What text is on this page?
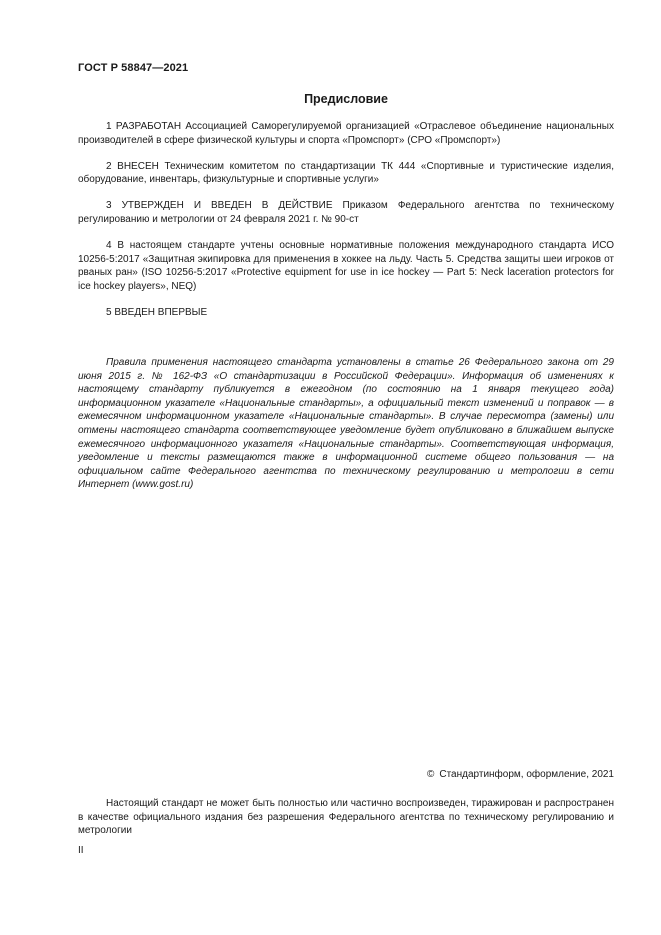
ГОСТ Р 58847—2021
Предисловие

1 РАЗРАБОТАН Ассоциацией Саморегулируемой организацией «Отраслевое объединение национальных производителей в сфере физической культуры и спорта «Промспорт» (СРО «Промспорт»)

2 ВНЕСЕН Техническим комитетом по стандартизации ТК 444 «Спортивные и туристические изделия, оборудование, инвентарь, физкультурные и спортивные услуги»

3 УТВЕРЖДЕН И ВВЕДЕН В ДЕЙСТВИЕ Приказом Федерального агентства по техническому регулированию и метрологии от 24 февраля 2021 г. № 90-ст

4 В настоящем стандарте учтены основные нормативные положения международного стандарта ИСО 10256-5:2017 «Защитная экипировка для применения в хоккее на льду. Часть 5. Средства защиты шеи игроков от рваных ран» (ISO 10256-5:2017 «Protective equipment for use in ice hockey — Part 5: Neck laceration protectors for ice hockey players», NEQ)

5 ВВЕДЕН ВПЕРВЫЕ

Правила применения настоящего стандарта установлены в статье 26 Федерального закона от 29 июня 2015 г. № 162-ФЗ «О стандартизации в Российской Федерации». Информация об изменениях к настоящему стандарту публикуется в ежегодном (по состоянию на 1 января текущего года) информационном указателе «Национальные стандарты», а официальный текст изменений и поправок — в ежемесячном информационном указателе «Национальные стандарты». В случае пересмотра (замены) или отмены настоящего стандарта соответствующее уведомление будет опубликовано в ближайшем выпуске ежемесячного информационного указателя «Национальные стандарты». Соответствующая информация, уведомление и тексты размещаются также в информационной системе общего пользования — на официальном сайте Федерального агентства по техническому регулированию и метрологии в сети Интернет (www.gost.ru)

© Стандартинформ, оформление, 2021

Настоящий стандарт не может быть полностью или частично воспроизведен, тиражирован и распространен в качестве официального издания без разрешения Федерального агентства по техническому регулированию и метрологии

II
